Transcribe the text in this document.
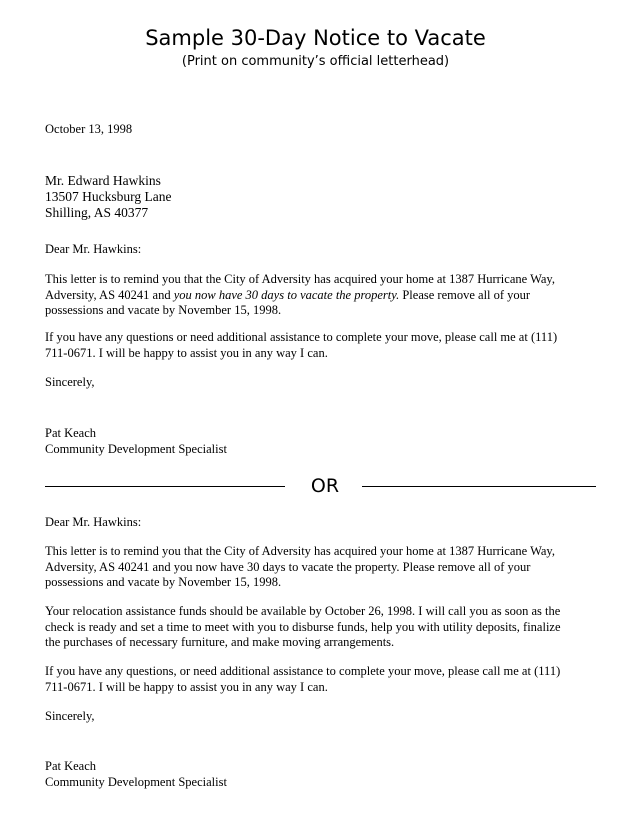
Sample 30-Day Notice to Vacate
(Print on community’s official letterhead)
October 13, 1998
Mr. Edward Hawkins
13507 Hucksburg Lane
Shilling, AS 40377
Dear Mr. Hawkins:
This letter is to remind you that the City of Adversity has acquired your home at 1387 Hurricane Way,
Adversity, AS 40241 and you now have 30 days to vacate the property. Please remove all of your
possessions and vacate by November 15, 1998.
If you have any questions or need additional assistance to complete your move, please call me at (111)
711-0671. I will be happy to assist you in any way I can.
Sincerely,
Pat Keach
Community Development Specialist
OR
Dear Mr. Hawkins:
This letter is to remind you that the City of Adversity has acquired your home at 1387 Hurricane Way,
Adversity, AS 40241 and you now have 30 days to vacate the property. Please remove all of your
possessions and vacate by November 15, 1998.
Your relocation assistance funds should be available by October 26, 1998. I will call you as soon as the
check is ready and set a time to meet with you to disburse funds, help you with utility deposits, finalize
the purchases of necessary furniture, and make moving arrangements.
If you have any questions, or need additional assistance to complete your move, please call me at (111)
711-0671. I will be happy to assist you in any way I can.
Sincerely,
Pat Keach
Community Development Specialist
